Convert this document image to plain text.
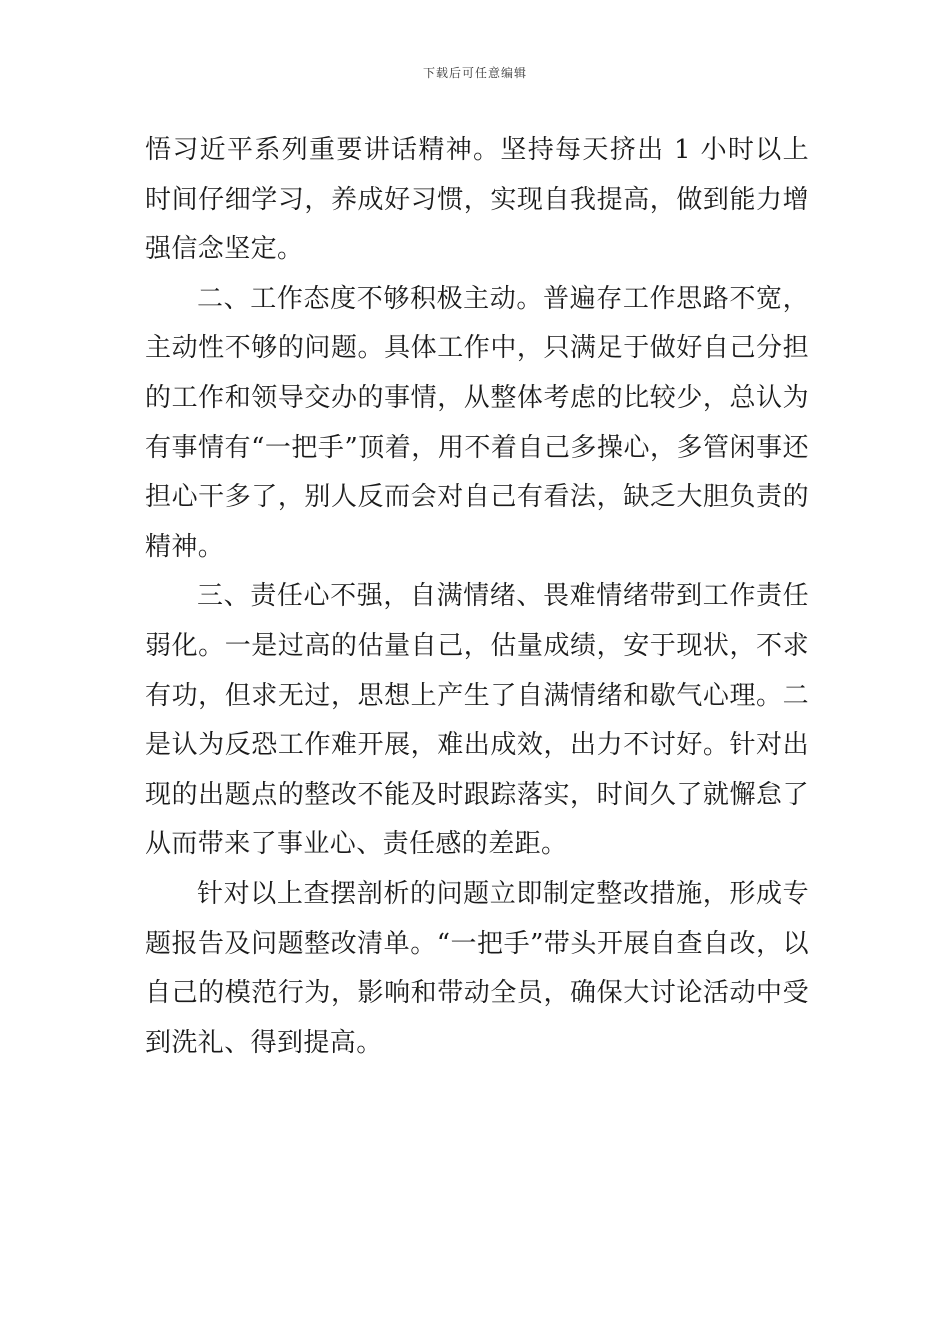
下载后可任意编辑

悟习近平系列重要讲话精神。坚持每天挤出 1 小时以上时间仔细学习，养成好习惯，实现自我提高，做到能力增强信念坚定。

二、工作态度不够积极主动。普遍存工作思路不宽，主动性不够的问题。具体工作中，只满足于做好自己分担的工作和领导交办的事情，从整体考虑的比较少，总认为有事情有“一把手”顶着，用不着自己多操心，多管闲事还担心干多了，别人反而会对自己有看法，缺乏大胆负责的精神。

三、责任心不强，自满情绪、畏难情绪带到工作责任弱化。一是过高的估量自己，估量成绩，安于现状，不求有功，但求无过，思想上产生了自满情绪和歇气心理。二是认为反恐工作难开展，难出成效，出力不讨好。针对出现的出题点的整改不能及时跟踪落实，时间久了就懈怠了从而带来了事业心、责任感的差距。

针对以上查摆剖析的问题立即制定整改措施，形成专题报告及问题整改清单。“一把手”带头开展自查自改，以自己的模范行为，影响和带动全员，确保大讨论活动中受到洗礼、得到提高。
